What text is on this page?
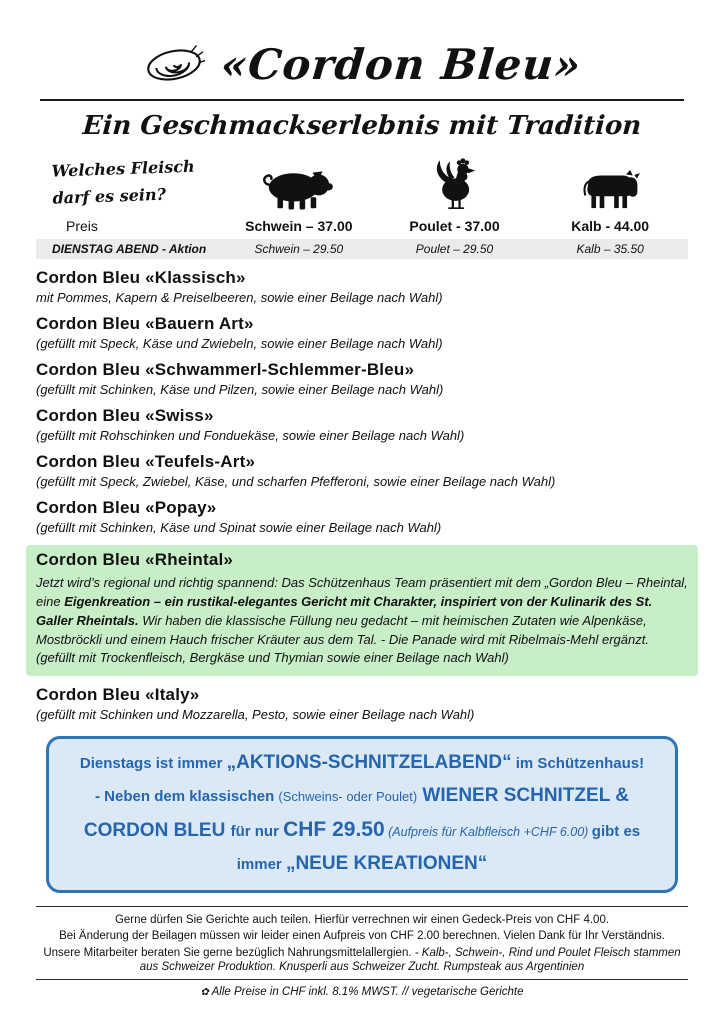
«Cordon Bleu»
Ein Geschmackserlebnis mit Tradition
Welches Fleisch
darf es sein?
Preis	Schwein – 37.00	Poulet - 37.00	Kalb - 44.00
DIENSTAG ABEND - Aktion	Schwein – 29.50	Poulet – 29.50	Kalb – 35.50
Cordon Bleu «Klassisch»
mit Pommes, Kapern & Preiselbeeren, sowie einer Beilage nach Wahl)
Cordon Bleu «Bauern Art»
(gefüllt mit Speck, Käse und Zwiebeln, sowie einer Beilage nach Wahl)
Cordon Bleu «Schwammerl-Schlemmer-Bleu»
(gefüllt mit Schinken, Käse und Pilzen, sowie einer Beilage nach Wahl)
Cordon Bleu «Swiss»
(gefüllt mit Rohschinken und Fonduekäse, sowie einer Beilage nach Wahl)
Cordon Bleu «Teufels-Art»
(gefüllt mit Speck, Zwiebel, Käse, und scharfen Pfefferoni, sowie einer Beilage nach Wahl)
Cordon Bleu «Popay»
(gefüllt mit Schinken, Käse und Spinat sowie einer Beilage nach Wahl)
Cordon Bleu «Rheintal»

Jetzt wird’s regional und richtig spannend: Das Schützenhaus Team präsentiert mit dem „Gordon Bleu – Rheintal, eine Eigenkreation – ein rustikal-elegantes Gericht mit Charakter, inspiriert von der Kulinarik des St. Galler Rheintals. Wir haben die klassische Füllung neu gedacht – mit heimischen Zutaten wie Alpenkäse, Mostbröckli und einem Hauch frischer Kräuter aus dem Tal. - Die Panade wird mit Ribelmais-Mehl ergänzt. (gefüllt mit Trockenfleisch, Bergkäse und Thymian sowie einer Beilage nach Wahl)

Cordon Bleu «Italy»
(gefüllt mit Schinken und Mozzarella, Pesto, sowie einer Beilage nach Wahl)

Dienstags ist immer „AKTIONS-SCHNITZELABEND“ im Schützenhaus! - Neben dem klassischen (Schweins- oder Poulet) WIENER SCHNITZEL & CORDON BLEU für nur CHF 29.50 (Aufpreis für Kalbfleisch +CHF 6.00) gibt es immer „NEUE KREATIONEN“

Gerne dürfen Sie Gerichte auch teilen. Hierfür verrechnen wir einen Gedeck-Preis von CHF 4.00.

Bei Änderung der Beilagen müssen wir leider einen Aufpreis von CHF 2.00 berechnen. Vielen Dank für Ihr Verständnis.

Unsere Mitarbeiter beraten Sie gerne bezüglich Nahrungsmittelallergien. - Kalb-, Schwein-, Rind und Poulet Fleisch stammen aus Schweizer Produktion. Knusperli aus Schweizer Zucht. Rumpsteak aus Argentinien

✿ Alle Preise in CHF inkl. 8.1% MWST. // vegetarische Gerichte
